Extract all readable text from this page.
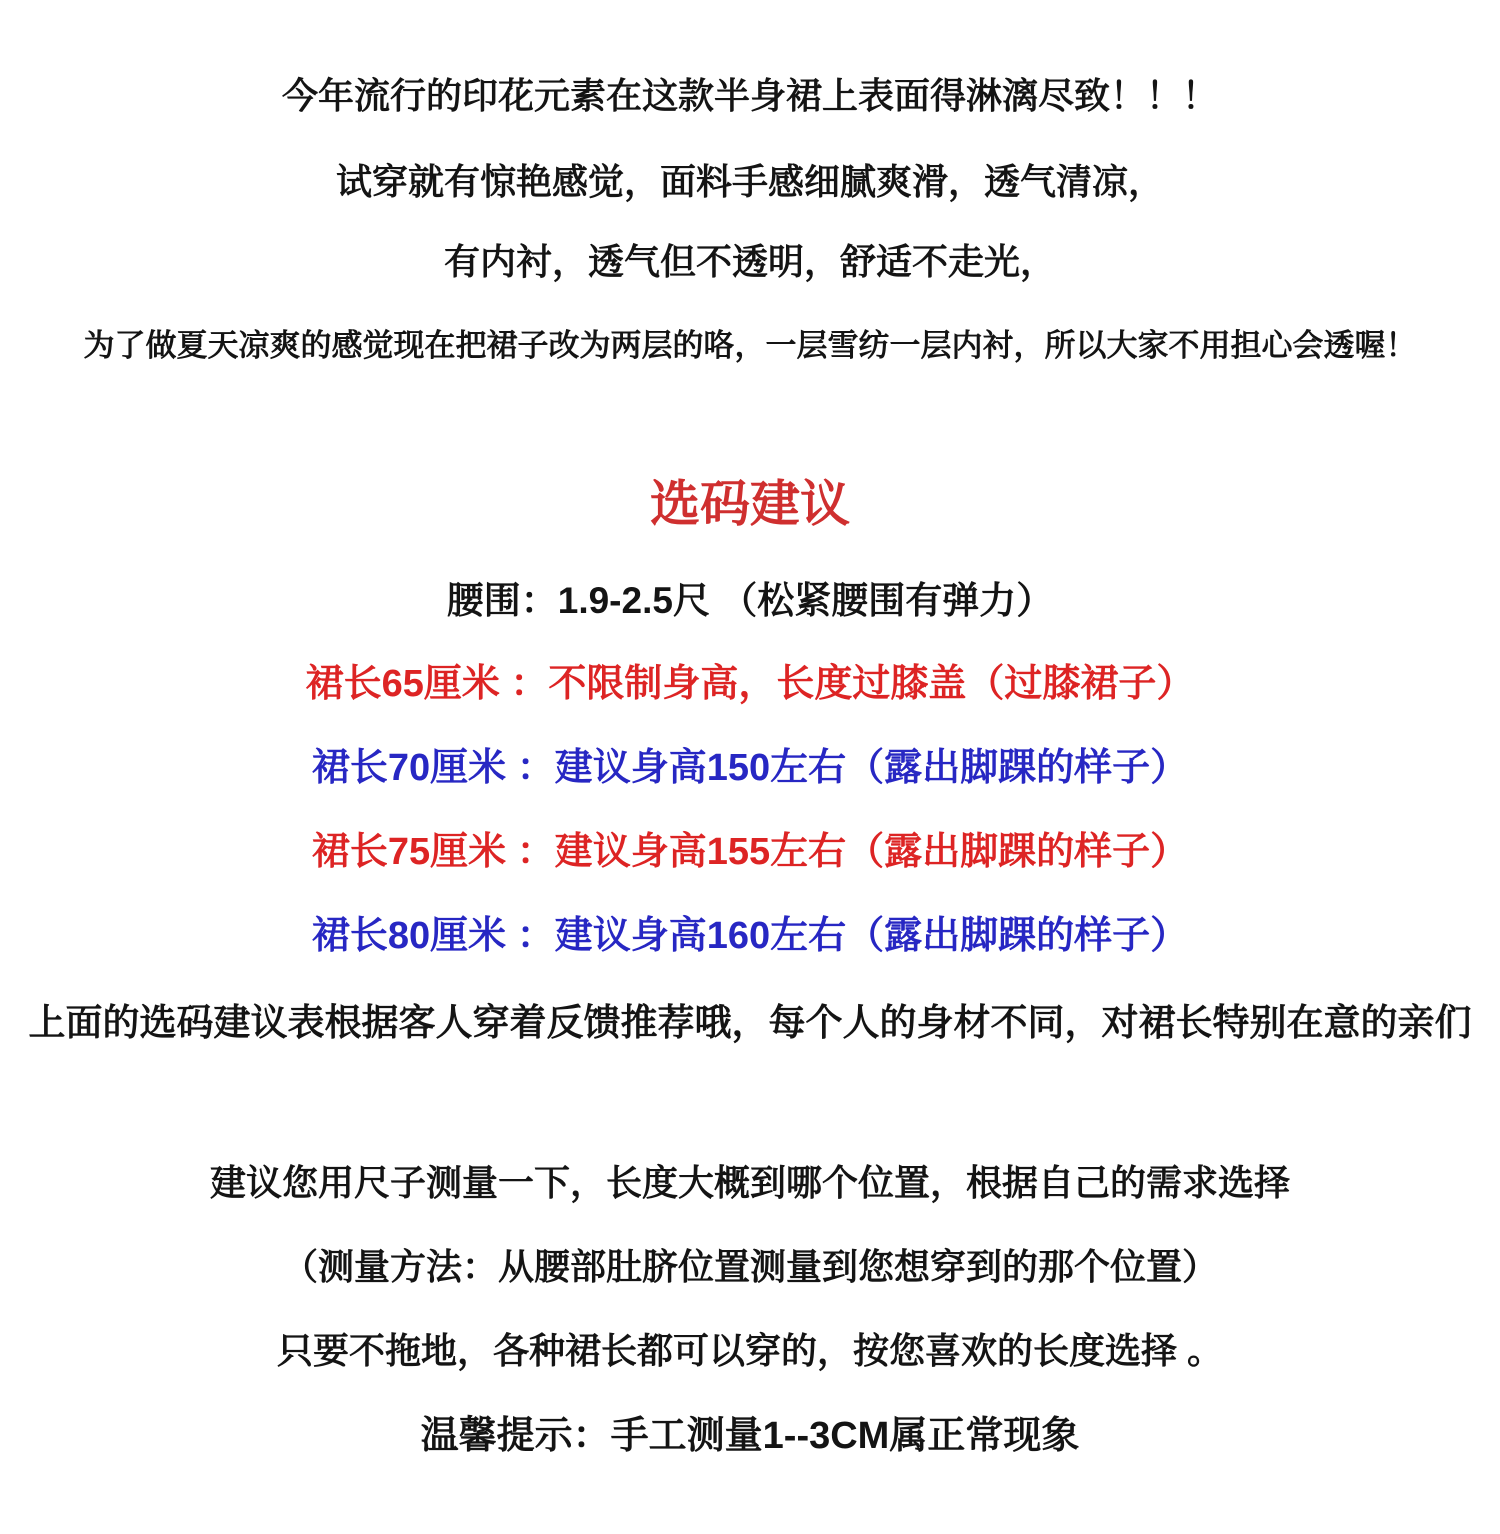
今年流行的印花元素在这款半身裙上表面得淋漓尽致！！！

试穿就有惊艳感觉，面料手感细腻爽滑，透气清凉，

有内衬，透气但不透明，舒适不走光，

为了做夏天凉爽的感觉现在把裙子改为两层的咯，一层雪纺一层内衬，所以大家不用担心会透喔！

选码建议

腰围：1.9-2.5尺 （松紧腰围有弹力）

裙长65厘米 ：不限制身高，长度过膝盖（过膝裙子）

裙长70厘米 ：建议身高150左右（露出脚踝的样子）

裙长75厘米 ：建议身高155左右（露出脚踝的样子）

裙长80厘米 ：建议身高160左右（露出脚踝的样子）

上面的选码建议表根据客人穿着反馈推荐哦，每个人的身材不同，对裙长特别在意的亲们

建议您用尺子测量一下，长度大概到哪个位置，根据自己的需求选择

（测量方法：从腰部肚脐位置测量到您想穿到的那个位置）

只要不拖地，各种裙长都可以穿的，按您喜欢的长度选择 。

温馨提示：手工测量1--3CM属正常现象
